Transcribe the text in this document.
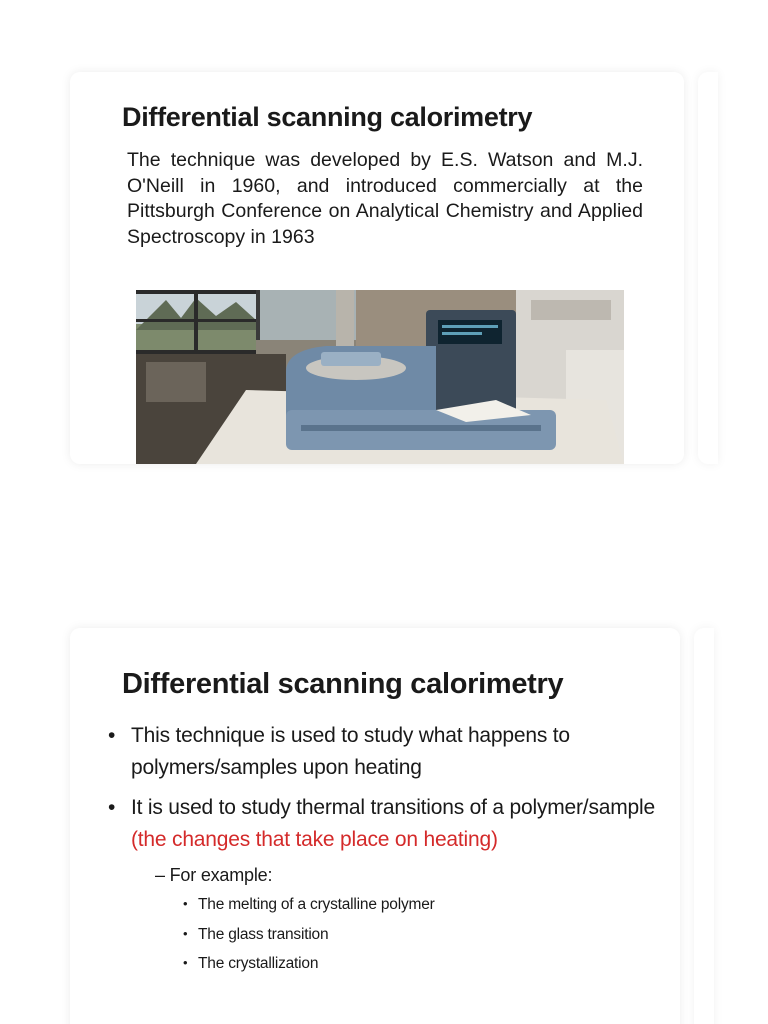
Differential scanning calorimetry

The technique was developed by E.S. Watson and M.J. O'Neill in 1960, and introduced commercially at the Pittsburgh Conference on Analytical Chemistry and Applied Spectroscopy in 1963

Differential scanning calorimetry
• This technique is used to study what happens to polymers/samples upon heating
• It is used to study thermal transitions of a polymer/sample (the changes that take place on heating)
– For example:
• The melting of a crystalline polymer
• The glass transition
• The crystallization
